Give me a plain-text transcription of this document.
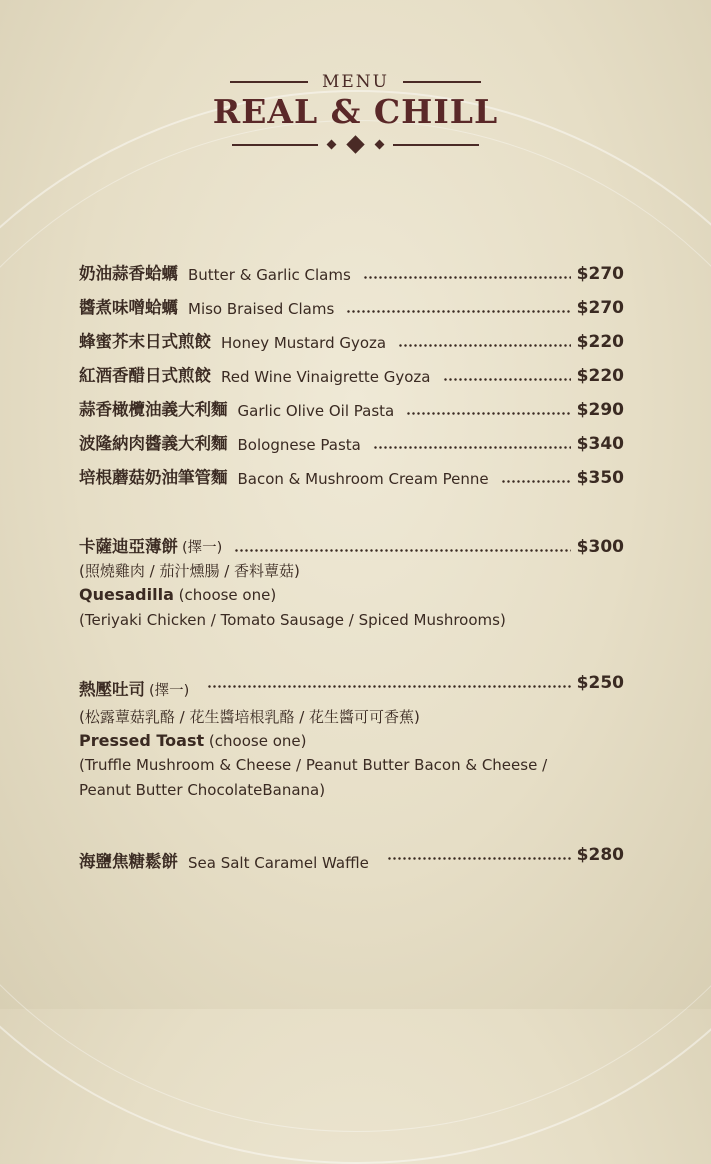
MENU
REAL & CHILL
奶油蒜香蛤蠣 Butter & Garlic Clams	$270
醬煮味噌蛤蠣 Miso Braised Clams	$270
蜂蜜芥末日式煎餃 Honey Mustard Gyoza	$220
紅酒香醋日式煎餃 Red Wine Vinaigrette Gyoza	$220
蒜香橄欖油義大利麵 Garlic Olive Oil Pasta	$290
波隆納肉醬義大利麵 Bolognese Pasta	$340
培根蘑菇奶油筆管麵 Bacon & Mushroom Cream Penne	$350
卡薩迪亞薄餅 (擇一)	$300
(照燒雞肉 / 茄汁燻腸 / 香料蕈菇)
Quesadilla (choose one)
(Teriyaki Chicken / Tomato Sausage / Spiced Mushrooms)
熱壓吐司 (擇一)	$250
(松露蕈菇乳酪 / 花生醬培根乳酪 / 花生醬可可香蕉)
Pressed Toast (choose one)
(Truffle Mushroom & Cheese / Peanut Butter Bacon & Cheese /
Peanut Butter ChocolateBanana)
海鹽焦糖鬆餅 Sea Salt Caramel Waffle	$280
